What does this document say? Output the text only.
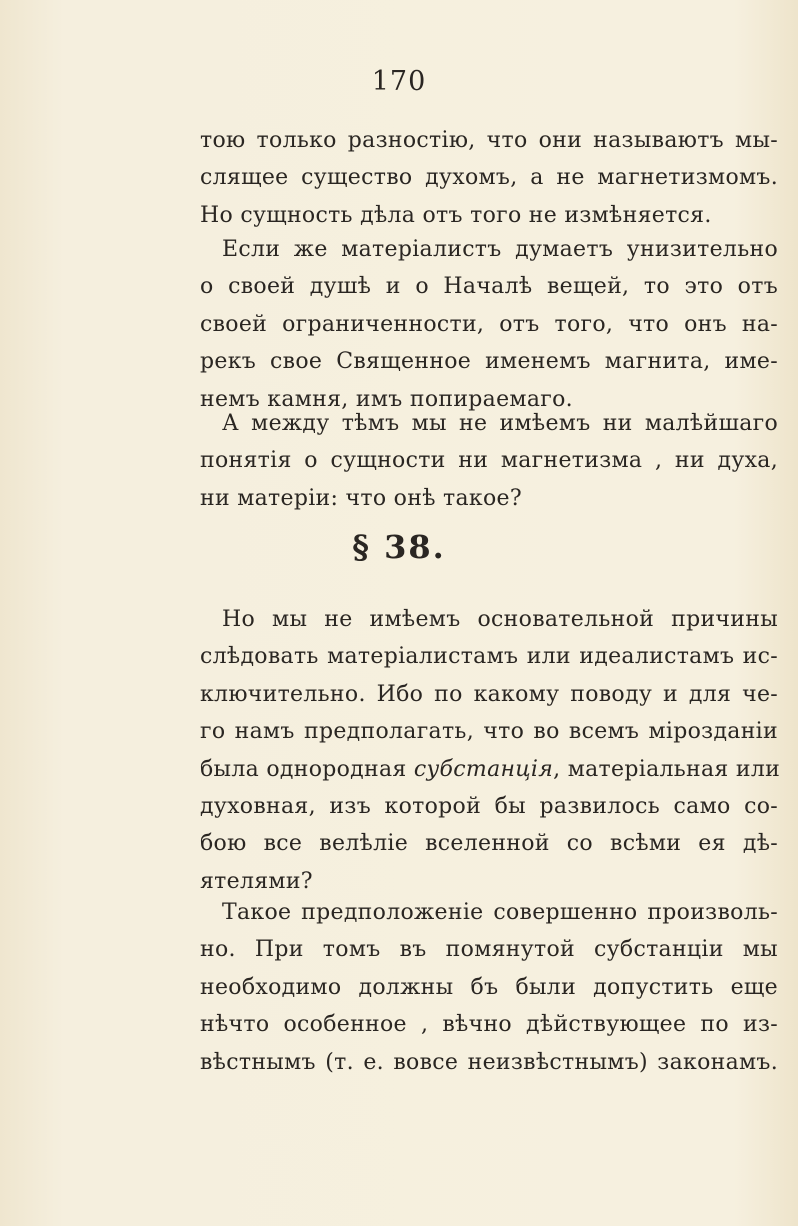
170
тою только разностію, что они называютъ мы-
слящее существо духомъ, а не магнетизмомъ.
Но сущность дѣла отъ того не измѣняется.
Если же матеріалистъ думаетъ унизительно
о своей душѣ и о Началѣ вещей, то это отъ
своей ограниченности, отъ того, что онъ на-
рекъ свое Священное именемъ магнита, име-
немъ камня, имъ попираемаго.
А между тѣмъ мы не имѣемъ ни малѣйшаго
понятія о сущности ни магнетизма , ни духа,
ни матеріи: что онѣ такое?
§ 38.
Но мы не имѣемъ основательной причины
слѣдовать матеріалистамъ или идеалистамъ ис-
ключительно. Ибо по какому поводу и для че-
го намъ предполагать, что во всемъ мірозданіи
была однородная субстанція, матеріальная или
духовная, изъ которой бы развилось само со-
бою все велѣліе вселенной со всѣми ея дѣ-
ятелями?
Такое предположеніе совершенно произволь-
но. При томъ въ помянутой субстанціи мы
необходимо должны бъ были допустить еще
нѣчто особенное , вѣчно дѣйствующее по из-
вѣстнымъ (т. е. вовсе неизвѣстнымъ) законамъ.
